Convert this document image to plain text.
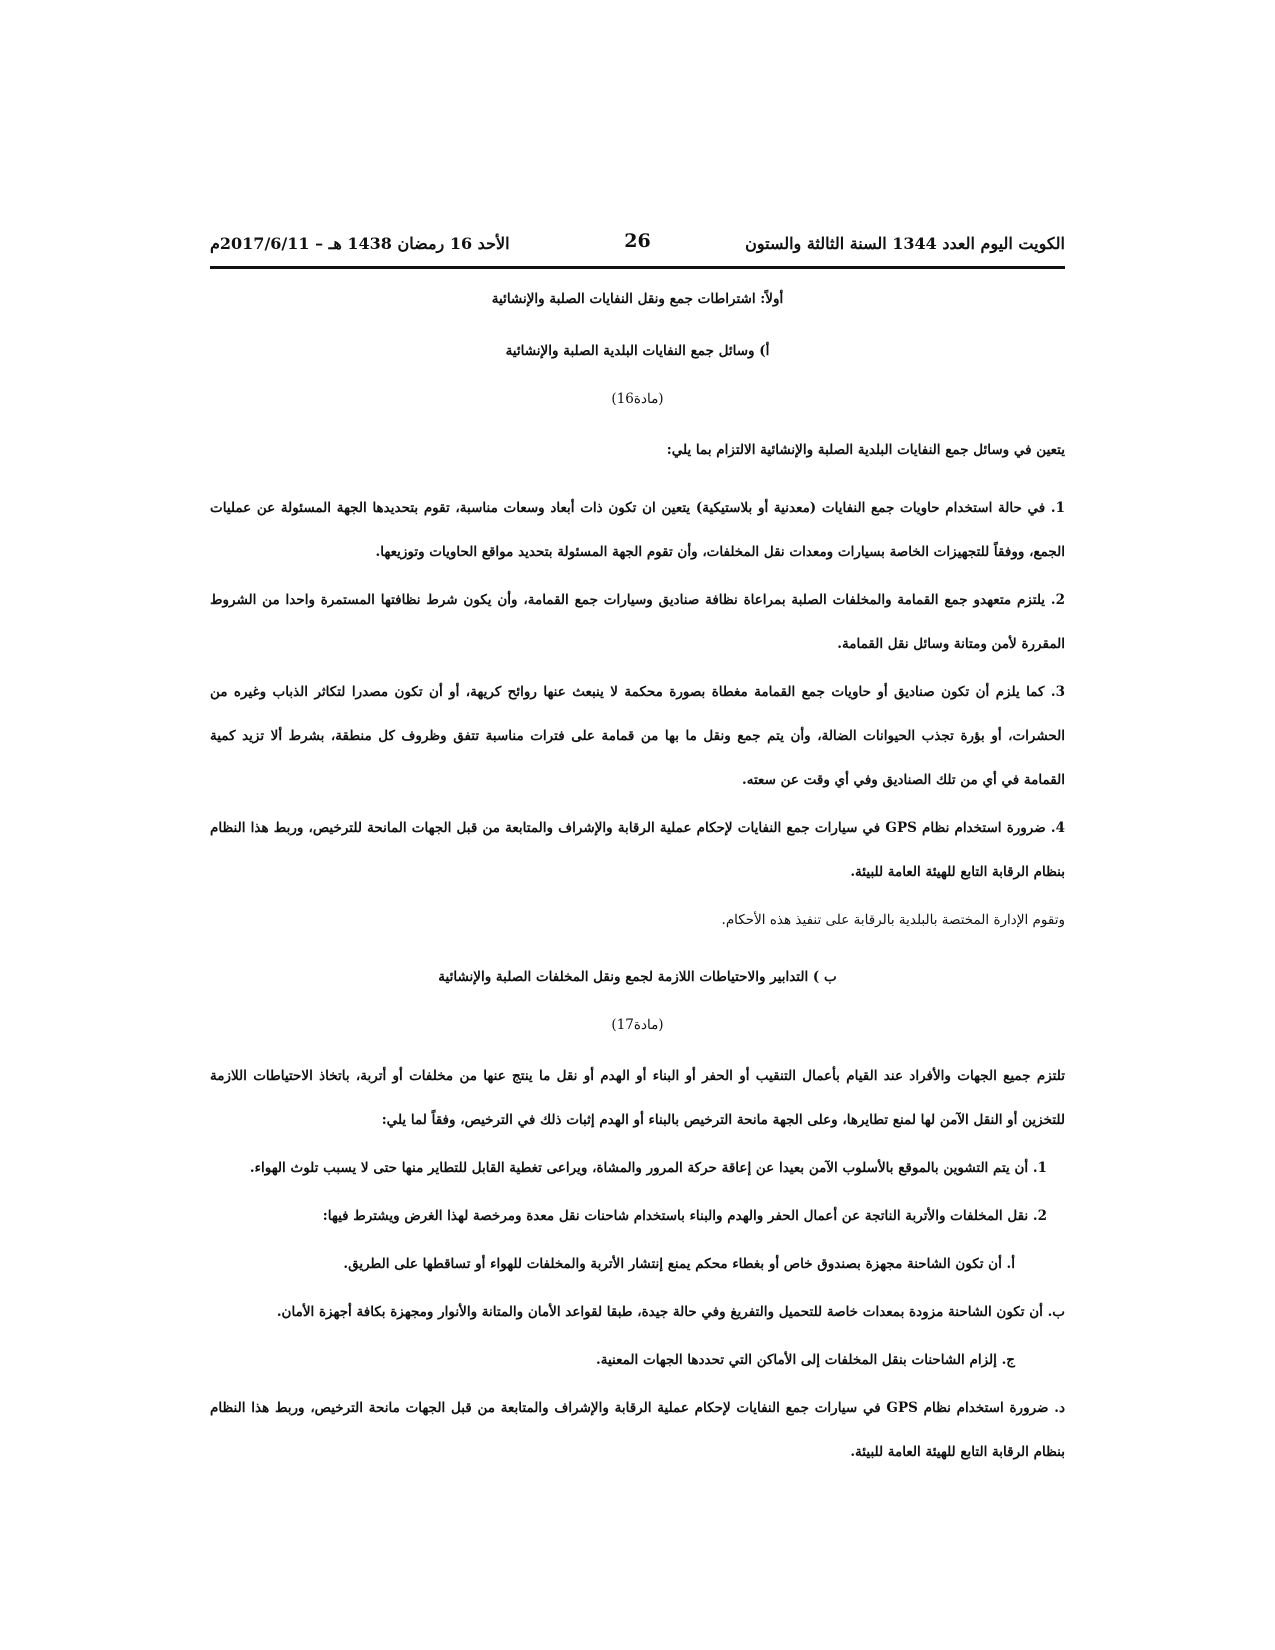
الكويت اليوم العدد 1344 السنة الثالثة والستون
26
الأحد 16 رمضان 1438 هـ – 2017/6/11م
أولاً: اشتراطات جمع ونقل النفايات الصلبة والإنشائية
أ) وسائل جمع النفايات البلدية الصلبة والإنشائية
(مادة16)

يتعين في وسائل جمع النفايات البلدية الصلبة والإنشائية الالتزام بما يلي:

1. في حالة استخدام حاويات جمع النفايات (معدنية أو بلاستيكية) يتعين ان تكون ذات أبعاد وسعات مناسبة، تقوم بتحديدها الجهة المسئولة عن عمليات الجمع، ووفقاً للتجهيزات الخاصة بسيارات ومعدات نقل المخلفات، وأن تقوم الجهة المسئولة بتحديد مواقع الحاويات وتوزيعها.

2. يلتزم متعهدو جمع القمامة والمخلفات الصلبة بمراعاة نظافة صناديق وسيارات جمع القمامة، وأن يكون شرط نظافتها المستمرة واحدا من الشروط المقررة لأمن ومتانة وسائل نقل القمامة.

3. كما يلزم أن تكون صناديق أو حاويات جمع القمامة مغطاة بصورة محكمة لا ينبعث عنها روائح كريهة، أو أن تكون مصدرا لتكاثر الذباب وغيره من الحشرات، أو بؤرة تجذب الحيوانات الضالة، وأن يتم جمع ونقل ما بها من قمامة على فترات مناسبة تتفق وظروف كل منطقة، بشرط ألا تزيد كمية القمامة في أي من تلك الصناديق وفي أي وقت عن سعته.

4. ضرورة استخدام نظام GPS في سيارات جمع النفايات لإحكام عملية الرقابة والإشراف والمتابعة من قبل الجهات المانحة للترخيص، وربط هذا النظام بنظام الرقابة التابع للهيئة العامة للبيئة.

وتقوم الإدارة المختصة بالبلدية بالرقابة على تنفيذ هذه الأحكام.

ب ) التدابير والاحتياطات اللازمة لجمع ونقل المخلفات الصلبة والإنشائية
(مادة17)

تلتزم جميع الجهات والأفراد عند القيام بأعمال التنقيب أو الحفر أو البناء أو الهدم أو نقل ما ينتج عنها من مخلفات أو أتربة، باتخاذ الاحتياطات اللازمة للتخزين أو النقل الآمن لها لمنع تطايرها، وعلى الجهة مانحة الترخيص بالبناء أو الهدم إثبات ذلك في الترخيص، وفقاً لما يلي:

1. أن يتم التشوين بالموقع بالأسلوب الآمن بعيدا عن إعاقة حركة المرور والمشاة، ويراعى تغطية القابل للتطاير منها حتى لا يسبب تلوث الهواء.

2. نقل المخلفات والأتربة الناتجة عن أعمال الحفر والهدم والبناء باستخدام شاحنات نقل معدة ومرخصة لهذا الغرض ويشترط فيها:

أ. أن تكون الشاحنة مجهزة بصندوق خاص أو بغطاء محكم يمنع إنتشار الأتربة والمخلفات للهواء أو تساقطها على الطريق.

ب. أن تكون الشاحنة مزودة بمعدات خاصة للتحميل والتفريغ وفي حالة جيدة، طبقا لقواعد الأمان والمتانة والأنوار ومجهزة بكافة أجهزة الأمان.

ج. إلزام الشاحنات بنقل المخلفات إلى الأماكن التي تحددها الجهات المعنية.

د. ضرورة استخدام نظام GPS في سيارات جمع النفايات لإحكام عملية الرقابة والإشراف والمتابعة من قبل الجهات مانحة الترخيص، وربط هذا النظام بنظام الرقابة التابع للهيئة العامة للبيئة.
